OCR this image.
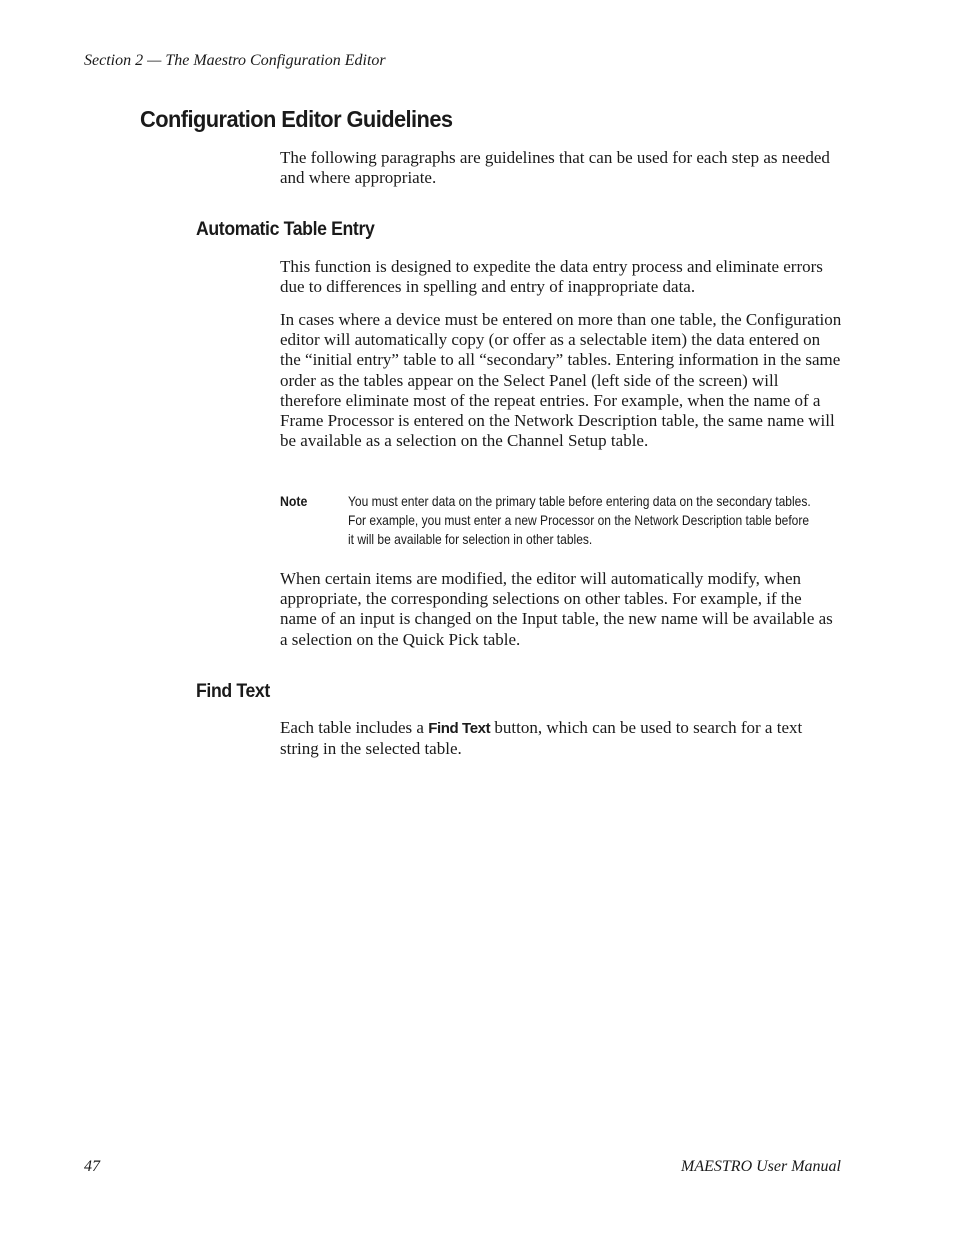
Section 2 — The Maestro Configuration Editor
Configuration Editor Guidelines
The following paragraphs are guidelines that can be used for each step as needed and where appropriate.
Automatic Table Entry
This function is designed to expedite the data entry process and eliminate errors due to differences in spelling and entry of inappropriate data.
In cases where a device must be entered on more than one table, the Configuration editor will automatically copy (or offer as a selectable item) the data entered on the “initial entry” table to all “secondary” tables. Entering information in the same order as the tables appear on the Select Panel (left side of the screen) will therefore eliminate most of the repeat entries. For example, when the name of a Frame Processor is entered on the Network Description table, the same name will be available as a selection on the Channel Setup table.
Note	You must enter data on the primary table before entering data on the secondary tables. For example, you must enter a new Processor on the Network Description table before it will be available for selection in other tables.
When certain items are modified, the editor will automatically modify, when appropriate, the corresponding selections on other tables. For example, if the name of an input is changed on the Input table, the new name will be available as a selection on the Quick Pick table.
Find Text
Each table includes a Find Text button, which can be used to search for a text string in the selected table.
47	MAESTRO User Manual
